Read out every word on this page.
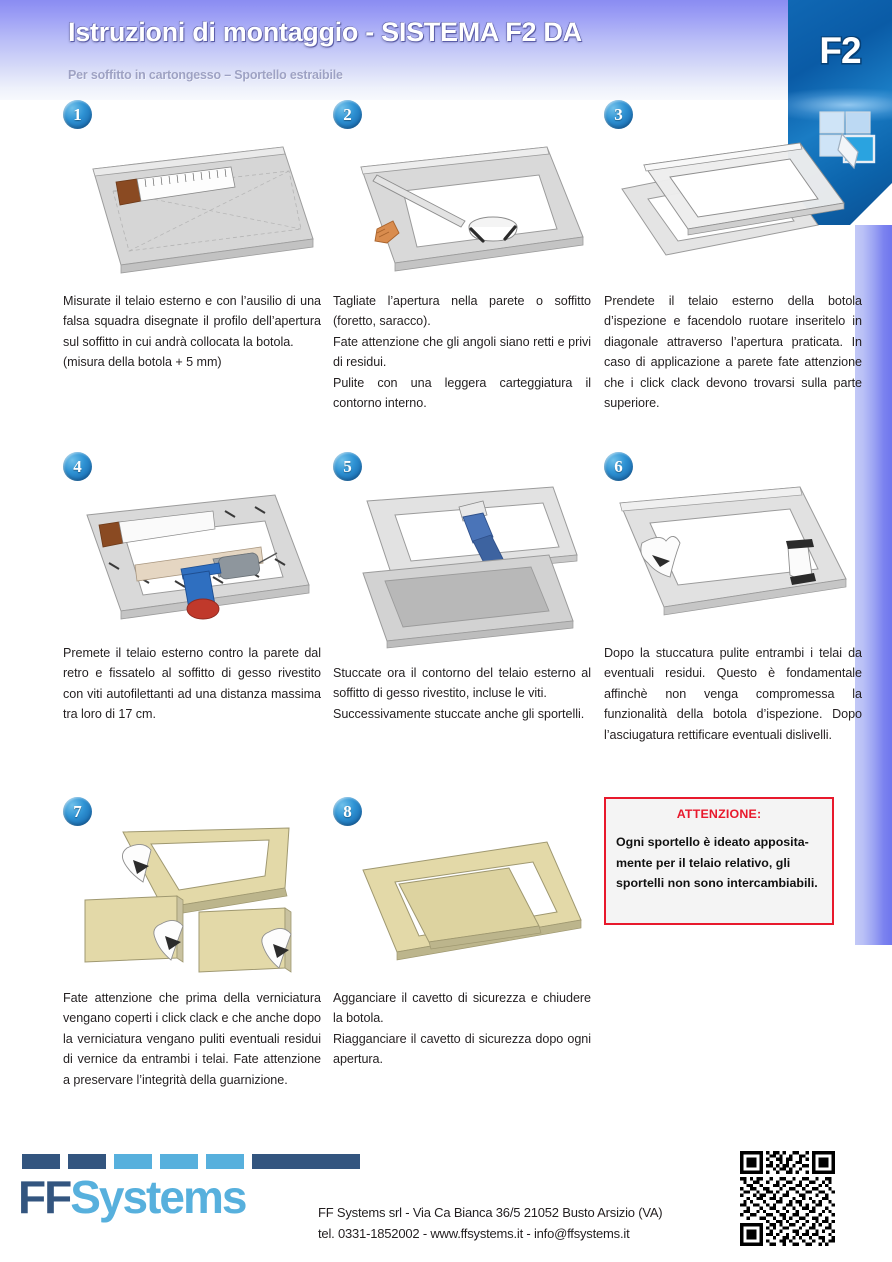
Istruzioni di montaggio - SISTEMA F2 DA
Per soffitto in cartongesso – Sportello estraibile
F2
1

Misurate il telaio esterno e con l’ausilio di una falsa squadra disegnate il profilo dell’apertura sul soffitto in cui andrà collocata la botola.

(misura della botola + 5 mm)

2

Tagliate l’apertura nella parete o soffitto (foretto, saracco).

Fate attenzione che gli angoli siano retti e privi di residui.

Pulite con una leggera carteggiatura il contorno interno.

3

Prendete il telaio esterno della botola d’ispezione e facendolo ruotare inseritelo in diagonale attraverso l’apertura praticata. In caso di applicazione a parete fate attenzione che i click clack devono trovarsi sulla parte superiore.

4

Premete il telaio esterno contro la parete dal retro e fissatelo al soffitto di gesso rivestito con viti autofilettanti ad una distanza massima tra loro di 17 cm.

5

Stuccate ora il contorno del telaio esterno al soffitto di gesso rivestito, incluse le viti.

Successivamente stuccate anche gli sportelli.

6

Dopo la stuccatura pulite entrambi i telai da eventuali residui. Questo è fondamentale affinchè non venga compromessa la funzionalità della botola d’ispezione. Dopo l’asciugatura rettificare eventuali dislivelli.

7

Fate attenzione che prima della verniciatura vengano coperti i click clack e che anche dopo la verniciatura vengano puliti eventuali residui di vernice da entrambi i telai. Fate attenzione a preservare l’integrità della guarnizione.

8

Agganciare il cavetto di sicurezza e chiudere la botola.

Riagganciare il cavetto di sicurezza dopo ogni apertura.

ATTENZIONE:

Ogni sportello è ideato apposita-

mente per il telaio relativo, gli

sportelli non sono intercambiabili.

FFSystems	FF Systems srl - Via Ca Bianca 36/5 21052 Busto Arsizio (VA)

tel. 0331-1852002 - www.ffsystems.it - info@ffsystems.it
